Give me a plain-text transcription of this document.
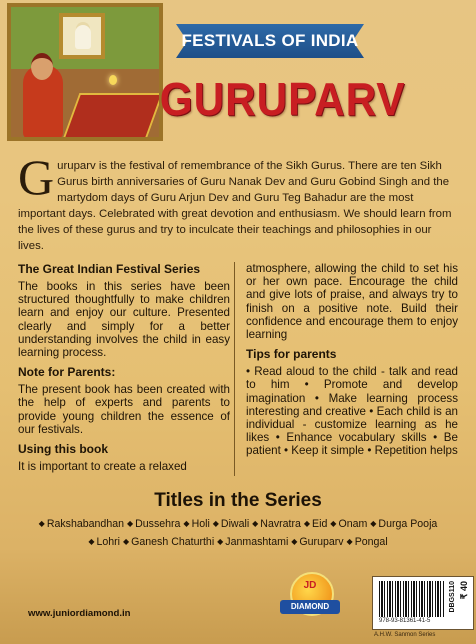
FESTIVALS OF INDIA
GURUPARV
G uruparv is the festival of remembrance of the Sikh Gurus. There are ten Sikh Gurus birth anniversaries of Guru Nanak Dev and Guru Gobind Singh and the martydom days of Guru Arjun Dev and Guru Teg Bahadur are the most important days. Celebrated with great devotion and enthusiasm. We should learn from the lives of these gurus and try to inculcate their teachings and philosophies in our lives.
The Great Indian Festival Series
The books in this series have been structured thoughtfully to make children learn and enjoy our culture. Presented clearly and simply for a better understanding involves the child in easy learning process.
Note for Parents:
The present book has been created with the help of experts and parents to provide young children the essence of our festivals.
Using this book
It is important to create a relaxed
atmosphere, allowing the child to set his or her own pace. Encourage the child and give lots of praise, and always try to finish on a positive note. Build their confidence and encourage them to enjoy learning
Tips for parents
• Read aloud to the child - talk and read to him • Promote and develop imagination • Make learning process interesting and creative • Each child is an individual - customize learning as he likes • Enhance vocabulary skills • Be patient • Keep it simple • Repetition helps
Titles in the Series
◆ Rakshabandhan ◆ Dussehra ◆ Holi ◆ Diwali ◆ Navratra ◆ Eid ◆ Onam ◆ Durga Pooja ◆ Lohri ◆ Ganesh Chaturthi ◆ Janmashtami ◆ Guruparv ◆ Pongal
www.juniordiamond.in
JD
DIAMOND
978-93-81361-41-5
DBGS110 ₹ 40
A.H.W. Sanmon Series
